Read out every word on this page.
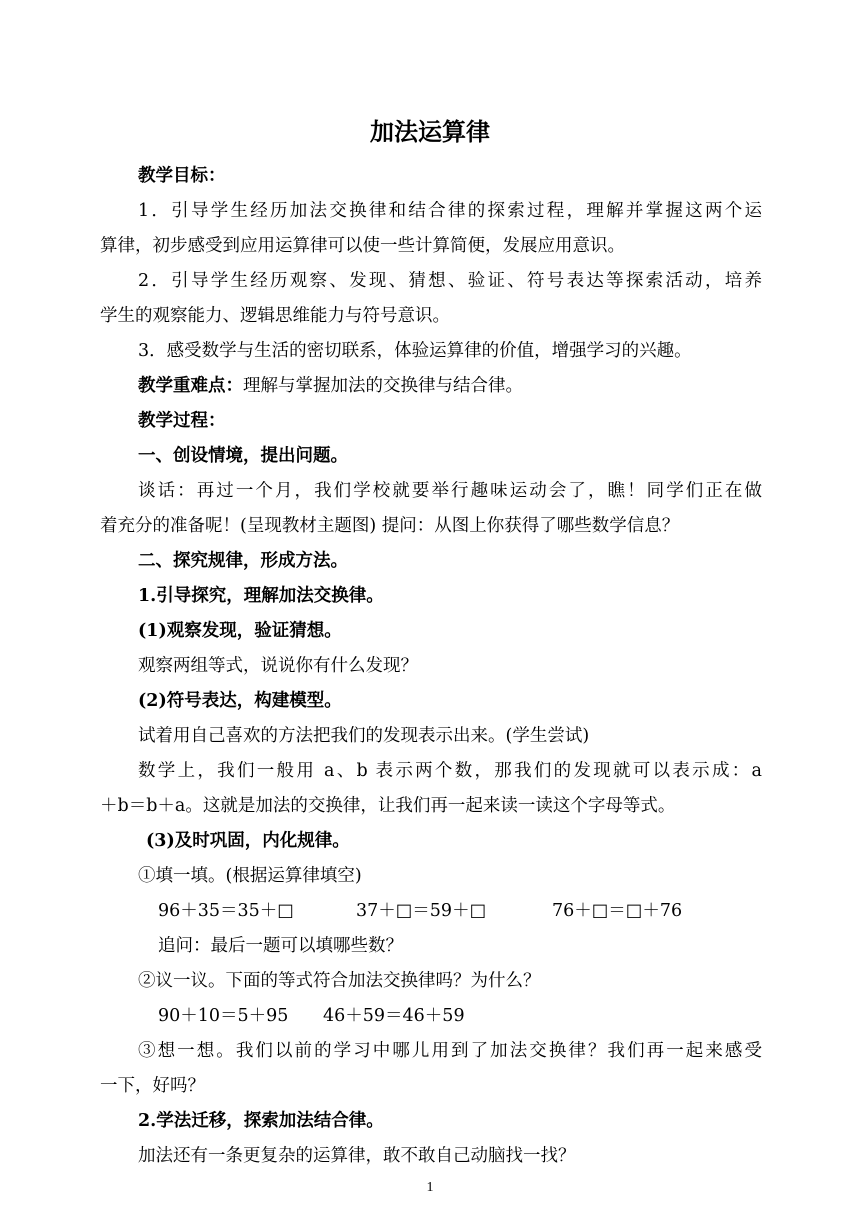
加法运算律
教学目标：
1．引导学生经历加法交换律和结合律的探索过程，理解并掌握这两个运
算律，初步感受到应用运算律可以使一些计算简便，发展应用意识。
2．引导学生经历观察、发现、猜想、验证、符号表达等探索活动，培养
学生的观察能力、逻辑思维能力与符号意识。
3．感受数学与生活的密切联系，体验运算律的价值，增强学习的兴趣。
教学重难点：理解与掌握加法的交换律与结合律。
教学过程：
一、创设情境，提出问题。
谈话：再过一个月，我们学校就要举行趣味运动会了，瞧！同学们正在做
着充分的准备呢！(呈现教材主题图) 提问：从图上你获得了哪些数学信息？
二、探究规律，形成方法。
1.引导探究，理解加法交换律。
(1)观察发现，验证猜想。
观察两组等式，说说你有什么发现？
(2)符号表达，构建模型。
试着用自己喜欢的方法把我们的发现表示出来。(学生尝试)
数学上，我们一般用 a、b 表示两个数，那我们的发现就可以表示成：a
＋b＝b＋a。这就是加法的交换律，让我们再一起来读一读这个字母等式。
(3)及时巩固，内化规律。
①填一填。(根据运算律填空)
96＋35＝35＋□	37＋□＝59＋□	76＋□＝□＋76
追问：最后一题可以填哪些数？
②议一议。下面的等式符合加法交换律吗？为什么？
90＋10＝5＋95 46＋59＝46＋59
③想一想。我们以前的学习中哪儿用到了加法交换律？我们再一起来感受
一下，好吗？
2.学法迁移，探索加法结合律。
加法还有一条更复杂的运算律，敢不敢自己动脑找一找？
1
